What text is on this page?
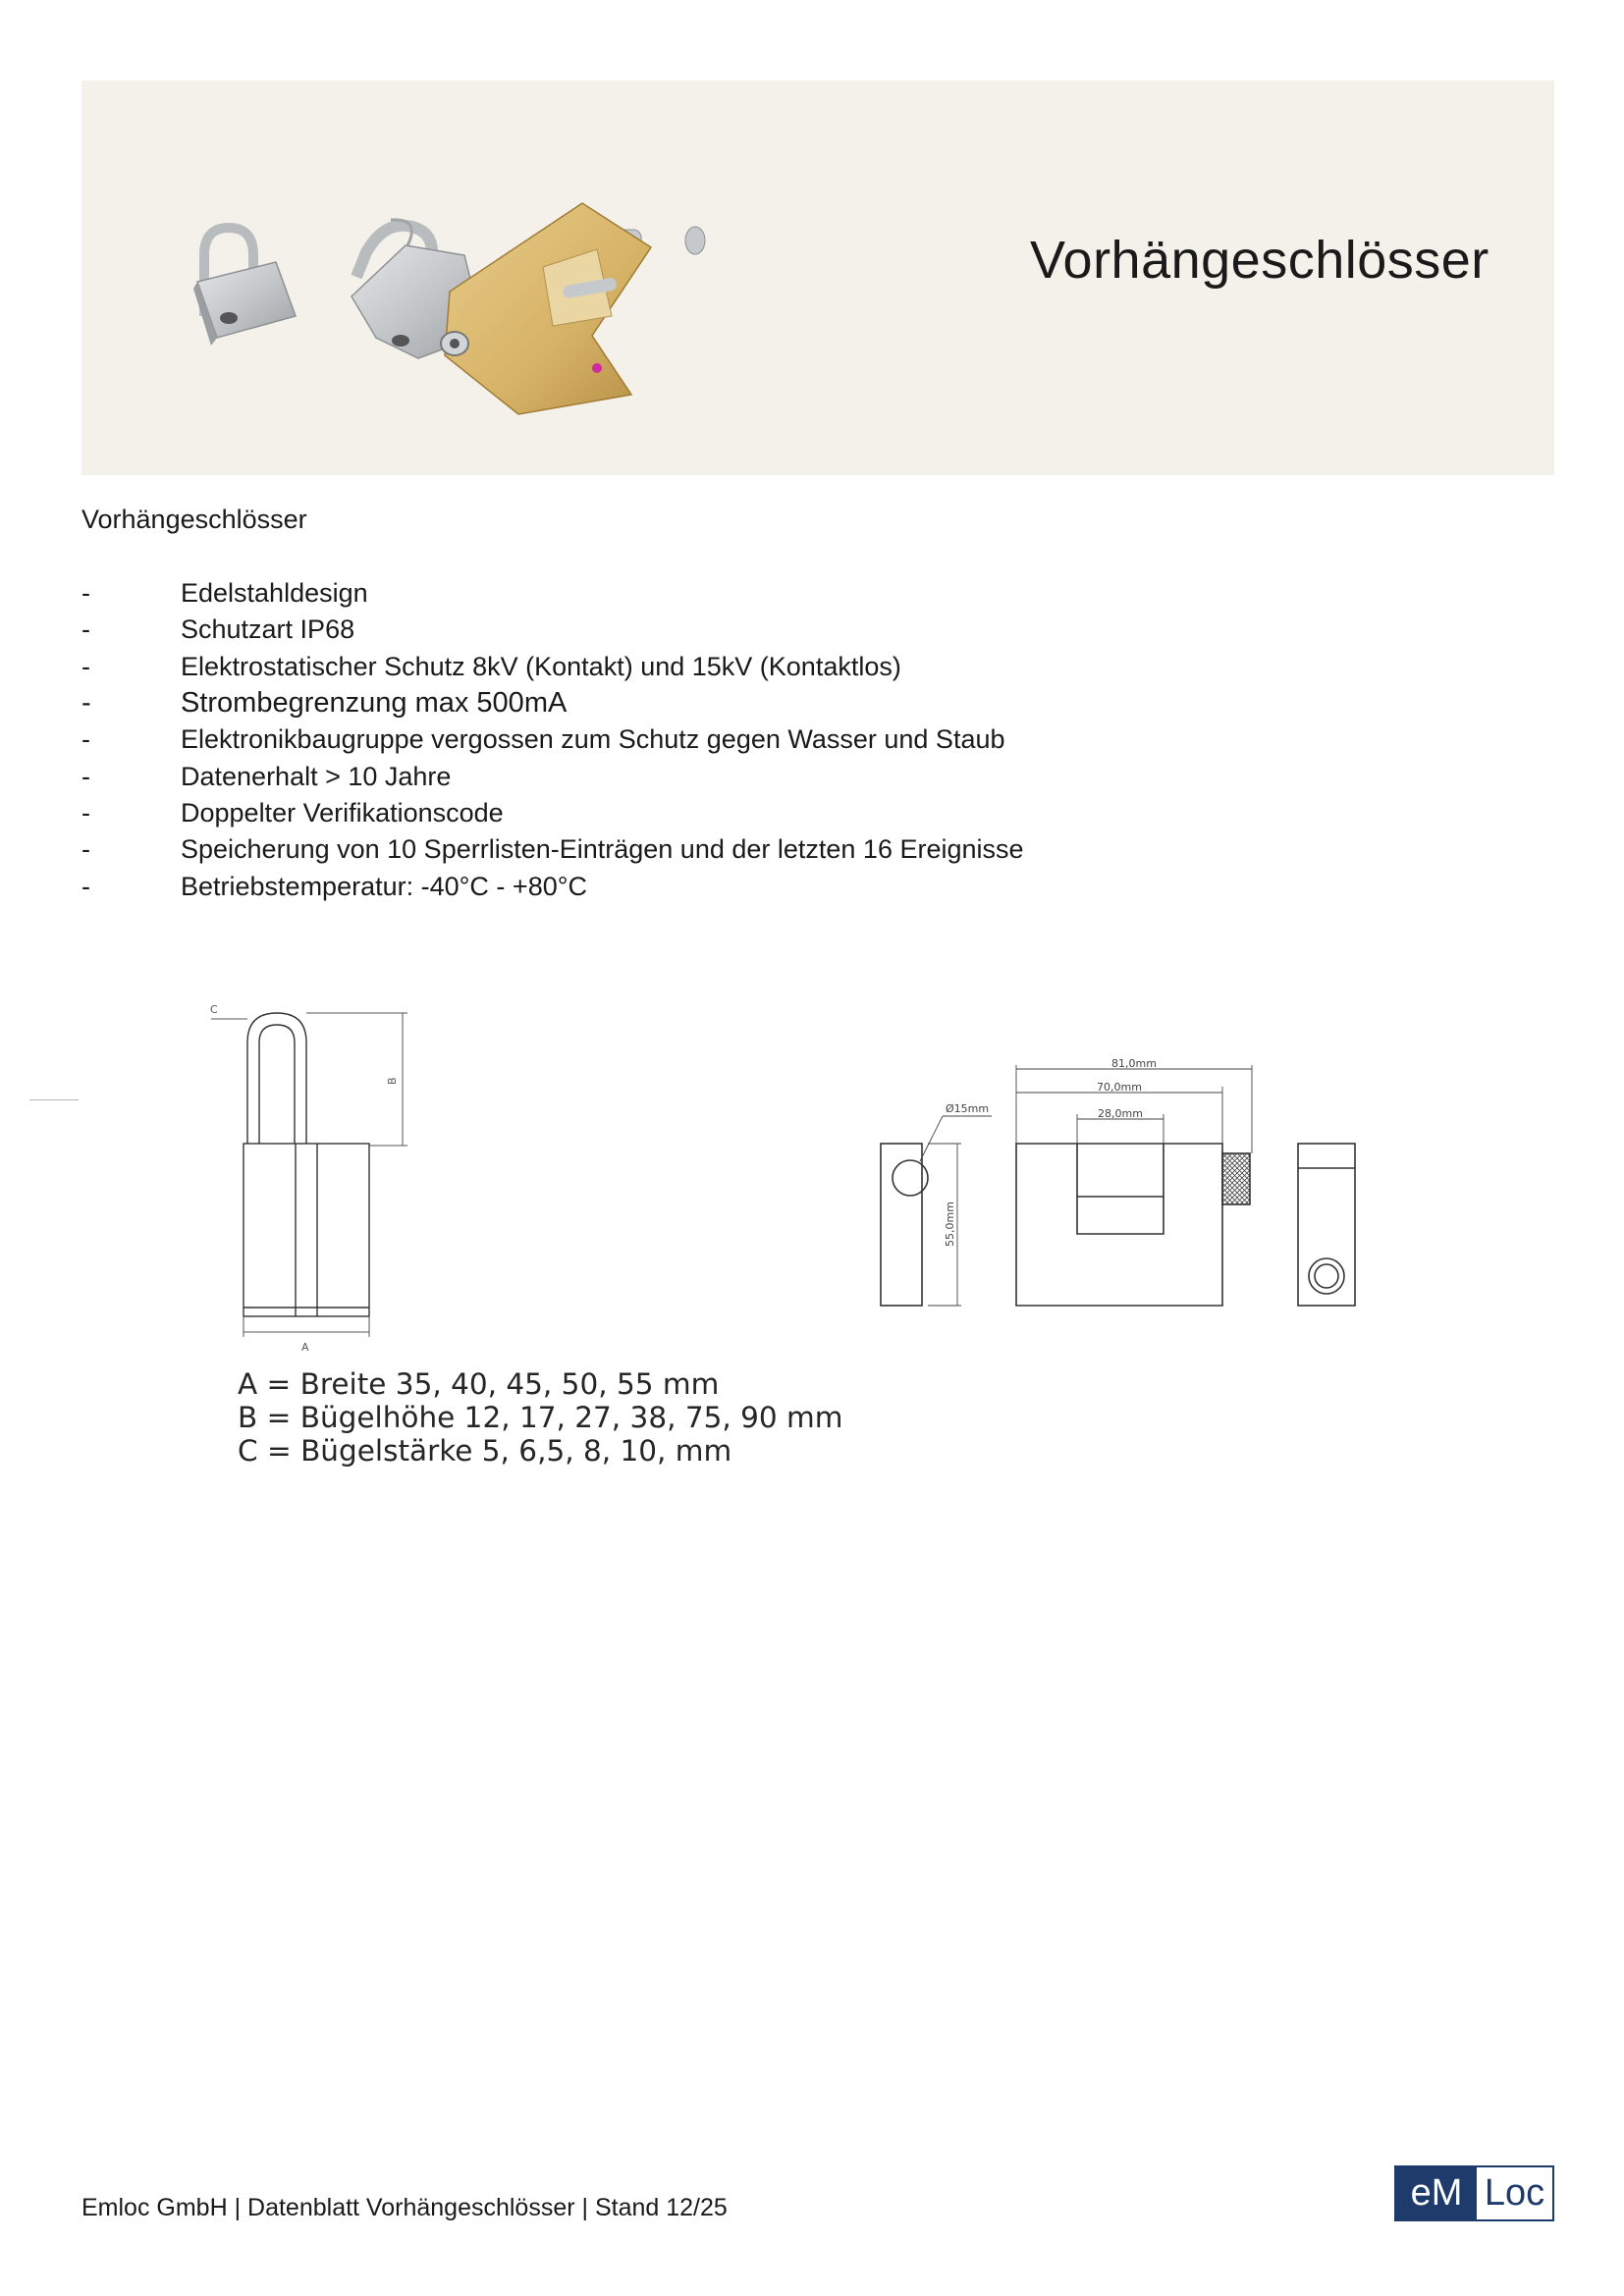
Vorhängeschlösser
Vorhängeschlösser
-	Edelstahldesign
-	Schutzart IP68
-	Elektrostatischer Schutz 8kV (Kontakt) und 15kV (Kontaktlos)
-	Strombegrenzung max 500mA
-	Elektronikbaugruppe vergossen zum Schutz gegen Wasser und Staub
-	Datenerhalt > 10 Jahre
-	Doppelter Verifikationscode
-	Speicherung von 10 Sperrlisten-Einträgen und der letzten 16 Ereignisse
-	Betriebstemperatur: -40°C - +80°C
C
B
A
81,0mm
70,0mm
28,0mm
Ø15mm
55,0mm
A = Breite 35, 40, 45, 50, 55 mm
B = Bügelhöhe 12, 17, 27, 38, 75, 90 mm
C = Bügelstärke 5, 6,5, 8, 10, mm
Emloc GmbH | Datenblatt Vorhängeschlösser | Stand 12/25	eM Loc
